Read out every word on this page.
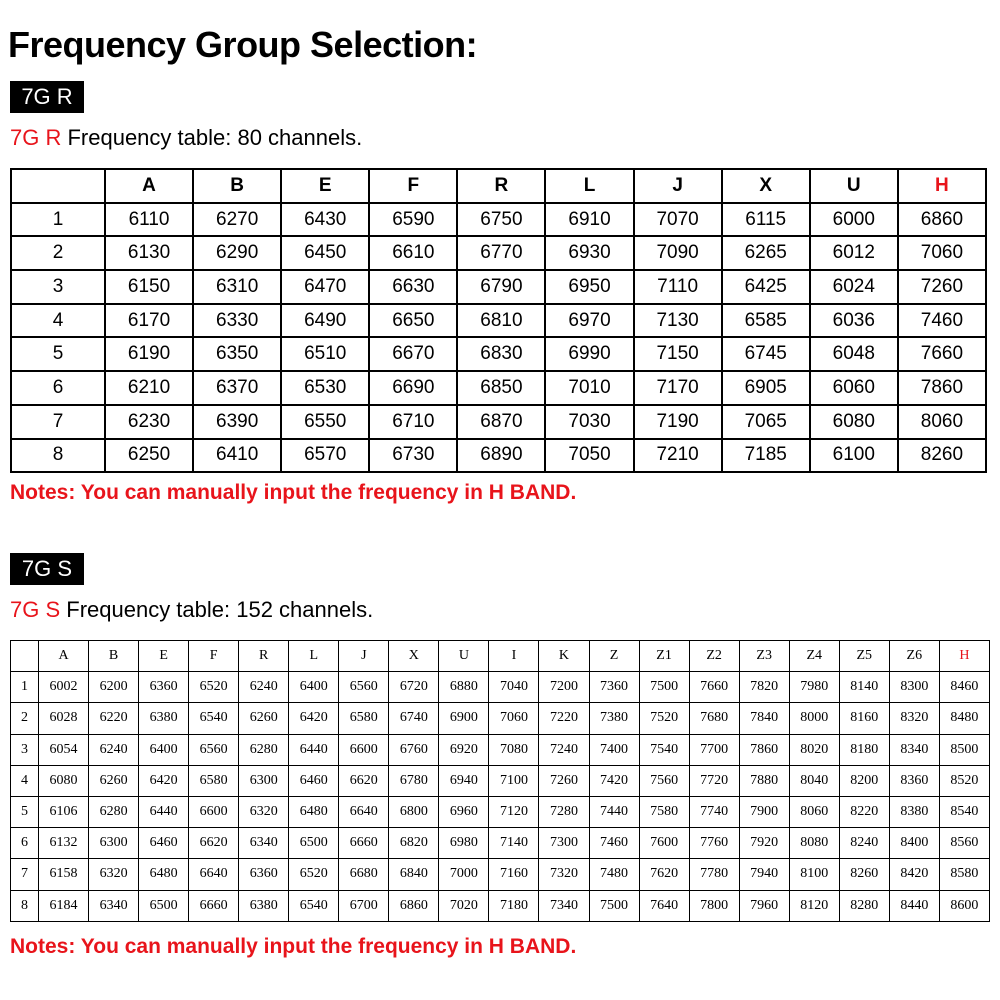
Frequency Group Selection:
7G R
7G R Frequency table: 80 channels.
	A	B	E	F	R	L	J	X	U	H
1	6110	6270	6430	6590	6750	6910	7070	6115	6000	6860
2	6130	6290	6450	6610	6770	6930	7090	6265	6012	7060
3	6150	6310	6470	6630	6790	6950	7110	6425	6024	7260
4	6170	6330	6490	6650	6810	6970	7130	6585	6036	7460
5	6190	6350	6510	6670	6830	6990	7150	6745	6048	7660
6	6210	6370	6530	6690	6850	7010	7170	6905	6060	7860
7	6230	6390	6550	6710	6870	7030	7190	7065	6080	8060
8	6250	6410	6570	6730	6890	7050	7210	7185	6100	8260
Notes: You can manually input the frequency in H BAND.
7G S
7G S Frequency table: 152 channels.
	A	B	E	F	R	L	J	X	U	I	K	Z	Z1	Z2	Z3	Z4	Z5	Z6	H
1	6002	6200	6360	6520	6240	6400	6560	6720	6880	7040	7200	7360	7500	7660	7820	7980	8140	8300	8460
2	6028	6220	6380	6540	6260	6420	6580	6740	6900	7060	7220	7380	7520	7680	7840	8000	8160	8320	8480
3	6054	6240	6400	6560	6280	6440	6600	6760	6920	7080	7240	7400	7540	7700	7860	8020	8180	8340	8500
4	6080	6260	6420	6580	6300	6460	6620	6780	6940	7100	7260	7420	7560	7720	7880	8040	8200	8360	8520
5	6106	6280	6440	6600	6320	6480	6640	6800	6960	7120	7280	7440	7580	7740	7900	8060	8220	8380	8540
6	6132	6300	6460	6620	6340	6500	6660	6820	6980	7140	7300	7460	7600	7760	7920	8080	8240	8400	8560
7	6158	6320	6480	6640	6360	6520	6680	6840	7000	7160	7320	7480	7620	7780	7940	8100	8260	8420	8580
8	6184	6340	6500	6660	6380	6540	6700	6860	7020	7180	7340	7500	7640	7800	7960	8120	8280	8440	8600
Notes: You can manually input the frequency in H BAND.
